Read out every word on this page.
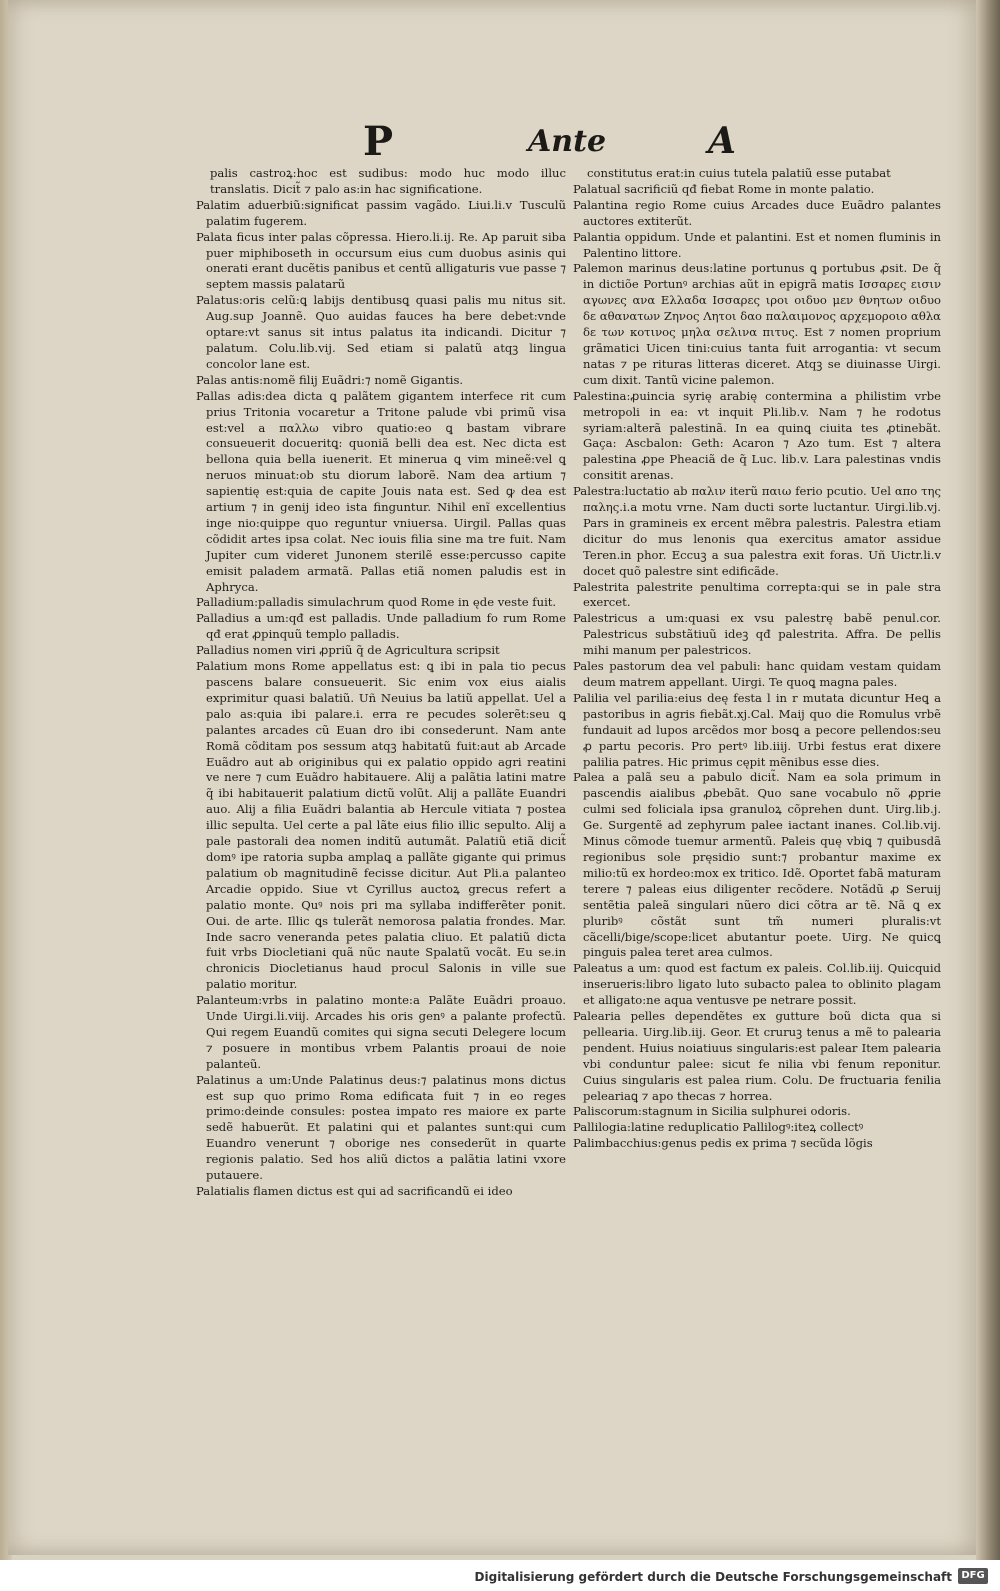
P	Ante	A

palis castroꝝ:hoc est sudibus: modo huc modo illuc translatis. Dicit̃ ⁊ palo as:in hac significatione.

Palatim aduerbiũ:significat passim vagãdo. Liui.li.v Tusculũ palatim fugerem.

Palata ficus inter palas cõpressa. Hiero.li.ij. Re. Ap paruit siba puer miphiboseth in occursum eius cum duobus asinis qui onerati erant ducẽtis panibus et centũ alligaturis vue passe ⁊ septem massis palatarũ

Palatus:oris celũ:ꝗ labijs dentibusꝗ quasi palis mu nitus sit. Aug.sup Joannẽ. Quo auidas fauces ha bere debet:vnde optare:vt sanus sit intus palatus ita indicandi. Dicitur ⁊ palatum. Colu.lib.vij. Sed etiam si palatũ atqꝫ lingua concolor lane est.

Palas antis:nomẽ filij Euãdri:⁊ nomẽ Gigantis.

Pallas adis:dea dicta ꝗ palãtem gigantem interfece rit cum prius Tritonia vocaretur a Tritone palude vbi primũ visa est:vel a παλλω vibro quatio:eo ꝗ bastam vibrare consueuerit docueritꝗ: quoniã belli dea est. Nec dicta est bellona quia bella iuenerit. Et minerua ꝗ vim mineẽ:vel ꝗ neruos minuat:ob stu diorum laborẽ. Nam dea artium ⁊ sapientię est:quia de capite Jouis nata est. Sed ꝙ dea est artium ⁊ in genij ideo ista finguntur. Nihil enĩ excellentius inge nio:quippe quo reguntur vniuersa. Uirgil. Pallas quas cõdidit artes ipsa colat. Nec iouis filia sine ma tre fuit. Nam Jupiter cum videret Junonem sterilẽ esse:percusso capite emisit paladem armatã. Pallas etiã nomen paludis est in Aphryca.

Palladium:palladis simulachrum quod Rome in ęde veste fuit.

Palladius a um:qđ est palladis. Unde palladium fo rum Rome qđ erat ꝓpinquũ templo palladis.

Palladius nomen viri ꝓpriũ q̃ de Agricultura scripsit

Palatium mons Rome appellatus est: ꝗ ibi in pala tio pecus pascens balare consueuerit. Sic enim vox eius aialis exprimitur quasi balatiũ. Uñ Neuius ba latiũ appellat. Uel a palo as:quia ibi palare.i. erra re pecudes solerẽt:seu ꝗ palantes arcades cũ Euan dro ibi consederunt. Nam ante Romã cõditam pos sessum atqꝫ habitatũ fuit:aut ab Arcade Euãdro aut ab originibus qui ex palatio oppido agri reatini ve nere ⁊ cum Euãdro habitauere. Alij a palãtia latini matre q̃ ibi habitauerit palatium dictũ volũt. Alij a pallãte Euandri auo. Alij a filia Euãdri balantia ab Hercule vitiata ⁊ postea illic sepulta. Uel certe a pal lãte eius filio illic sepulto. Alij a pale pastorali dea nomen inditũ autumãt. Palatiũ etiã dicit̃ domꝰ ipe ratoria supba amplaꝗ a pallãte gigante qui primus palatium ob magnitudinẽ fecisse dicitur. Aut Pli.a palanteo Arcadie oppido. Siue vt Cyrillus auctoꝝ grecus refert a palatio monte. Quꝰ nois pri ma syllaba indifferẽter ponit. Oui. de arte. Illic ꝗs tulerãt nemorosa palatia frondes. Mar. Inde sacro veneranda petes palatia cliuo. Et palatiũ dicta fuit vrbs Diocletiani quã nũc naute Spalatũ vocãt. Eu se.in chronicis Diocletianus haud procul Salonis in ville sue palatio moritur.

Palanteum:vrbs in palatino monte:a Palãte Euãdri proauo. Unde Uirgi.li.viij. Arcades his oris genꝰ a palante profectũ. Qui regem Euandũ comites qui signa secuti Delegere locum ⁊ posuere in montibus vrbem Palantis proaui de noie palanteũ.

Palatinus a um:Unde Palatinus deus:⁊ palatinus mons dictus est sup quo primo Roma edificata fuit ⁊ in eo reges primo:deinde consules: postea impato res maiore ex parte sedẽ habuerũt. Et palatini qui et palantes sunt:qui cum Euandro venerunt ⁊ oborige nes consederũt in quarte regionis palatio. Sed hos aliũ dictos a palãtia latini vxore putauere.

Palatialis flamen dictus est qui ad sacrificandũ ei ideo

constitutus erat:in cuius tutela palatiũ esse putabat

Palatual sacrificiũ qđ fiebat Rome in monte palatio.

Palantina regio Rome cuius Arcades duce Euãdro palantes auctores extiterũt.

Palantia oppidum. Unde et palantini. Est et nomen fluminis in Palentino littore.

Palemon marinus deus:latine portunus ꝗ portubus ꝓsit. De q̃ in dictiõe Portunꝰ archias aũt in epigrã matis Ισσαρες εισιν αγωνες ανα Ελλαδα Ισσαρες ιροι οιδυο μεν θνητων οιδυο δε αθανατων Ζηνος Λητοι δαο παλαιμονος αρχεμοροιο αθλα δε των κοτινος μηλα σελινα πιτυς. Est ⁊ nomen proprium grãmatici Uicen tini:cuius tanta fuit arrogantia: vt secum natas ⁊ pe rituras litteras diceret. Atqꝫ se diuinasse Uirgi. cum dixit. Tantũ vicine palemon.

Palestina:ꝓuincia syrię arabię contermina a philistim vrbe metropoli in ea: vt inquit Pli.lib.v. Nam ⁊ he rodotus syriam:alterã palestinã. In ea quinꝗ ciuita tes ꝓtinebãt. Gaça: Ascbalon: Geth: Acaron ⁊ Azo tum. Est ⁊ altera palestina ꝓpe Pheaciã de q̃ Luc. lib.v. Lara palestinas vndis consitit arenas.

Palestra:luctatio ab παλιν iterũ παιω ferio pcutio. Uel απο της παλης.i.a motu vrne. Nam ducti sorte luctantur. Uirgi.lib.vj. Pars in gramineis ex ercent mẽbra palestris. Palestra etiam dicitur do mus lenonis qua exercitus amator assidue Teren.in phor. Eccuꝫ a sua palestra exit foras. Uñ Uictr.li.v docet quõ palestre sint edificãde.

Palestrita palestrite penultima correpta:qui se in pale stra exercet.

Palestricus a um:quasi ex vsu palestrę babẽ penul.cor. Palestricus substãtiuũ ideꝫ qđ palestrita. Affra. De pellis mihi manum per palestricos.

Pales pastorum dea vel pabuli: hanc quidam vestam quidam deum matrem appellant. Uirgi. Te quoꝗ magna pales.

Palilia vel parilia:eius deę festa l in r mutata dicuntur Heꝗ a pastoribus in agris fiebãt.xj.Cal. Maij quo die Romulus vrbẽ fundauit ad lupos arcẽdos mor bosꝗ a pecore pellendos:seu ꝓ partu pecoris. Pro pertꝰ lib.iiij. Urbi festus erat dixere palilia patres. Hic primus cępit mẽnibus esse dies.

Palea a palã seu a pabulo dicit̃. Nam ea sola primum in pascendis aialibus ꝓbebãt. Quo sane vocabulo nõ ꝓprie culmi sed foliciala ipsa granuloꝝ cõprehen dunt. Uirg.lib.j. Ge. Surgentẽ ad zephyrum palee iactant inanes. Col.lib.vij. Minus cõmode tuemur armentũ. Paleis quę vbiꝗ ⁊ quibusdã regionibus sole pręsidio sunt:⁊ probantur maxime ex milio:tũ ex hordeo:mox ex tritico. Idẽ. Oportet fabã maturam terere ⁊ paleas eius diligenter recõdere. Notãdũ ꝓ Seruij sentẽtia paleã singulari nũero dici cõtra ar tẽ. Nã ꝗ ex pluribꝰ cõstãt sunt tm̃ numeri pluralis:vt cãcelli/bige/scope:licet abutantur poete. Uirg. Ne quicꝗ pinguis palea teret area culmos.

Paleatus a um: quod est factum ex paleis. Col.lib.iij. Quicquid inserueris:libro ligato luto subacto palea to oblinito plagam et alligato:ne aqua ventusve pe netrare possit.

Palearia pelles dependẽtes ex gutture boũ dicta qua si pellearia. Uirg.lib.iij. Geor. Et cruruꝫ tenus a mẽ to palearia pendent. Huius noiatiuus singularis:est palear Item palearia vbi conduntur palee: sicut fe nilia vbi fenum reponitur. Cuius singularis est palea rium. Colu. De fructuaria fenilia peleariaꝗ ⁊ apo thecas ⁊ horrea.

Paliscorum:stagnum in Sicilia sulphurei odoris.

Pallilogia:latine reduplicatio Pallilogꝰ:iteꝝ collectꝰ

Palimbacchius:genus pedis ex prima ⁊ secũda lõgis

Digitalisierung gefördert durch die Deutsche Forschungsgemeinschaft DFG
